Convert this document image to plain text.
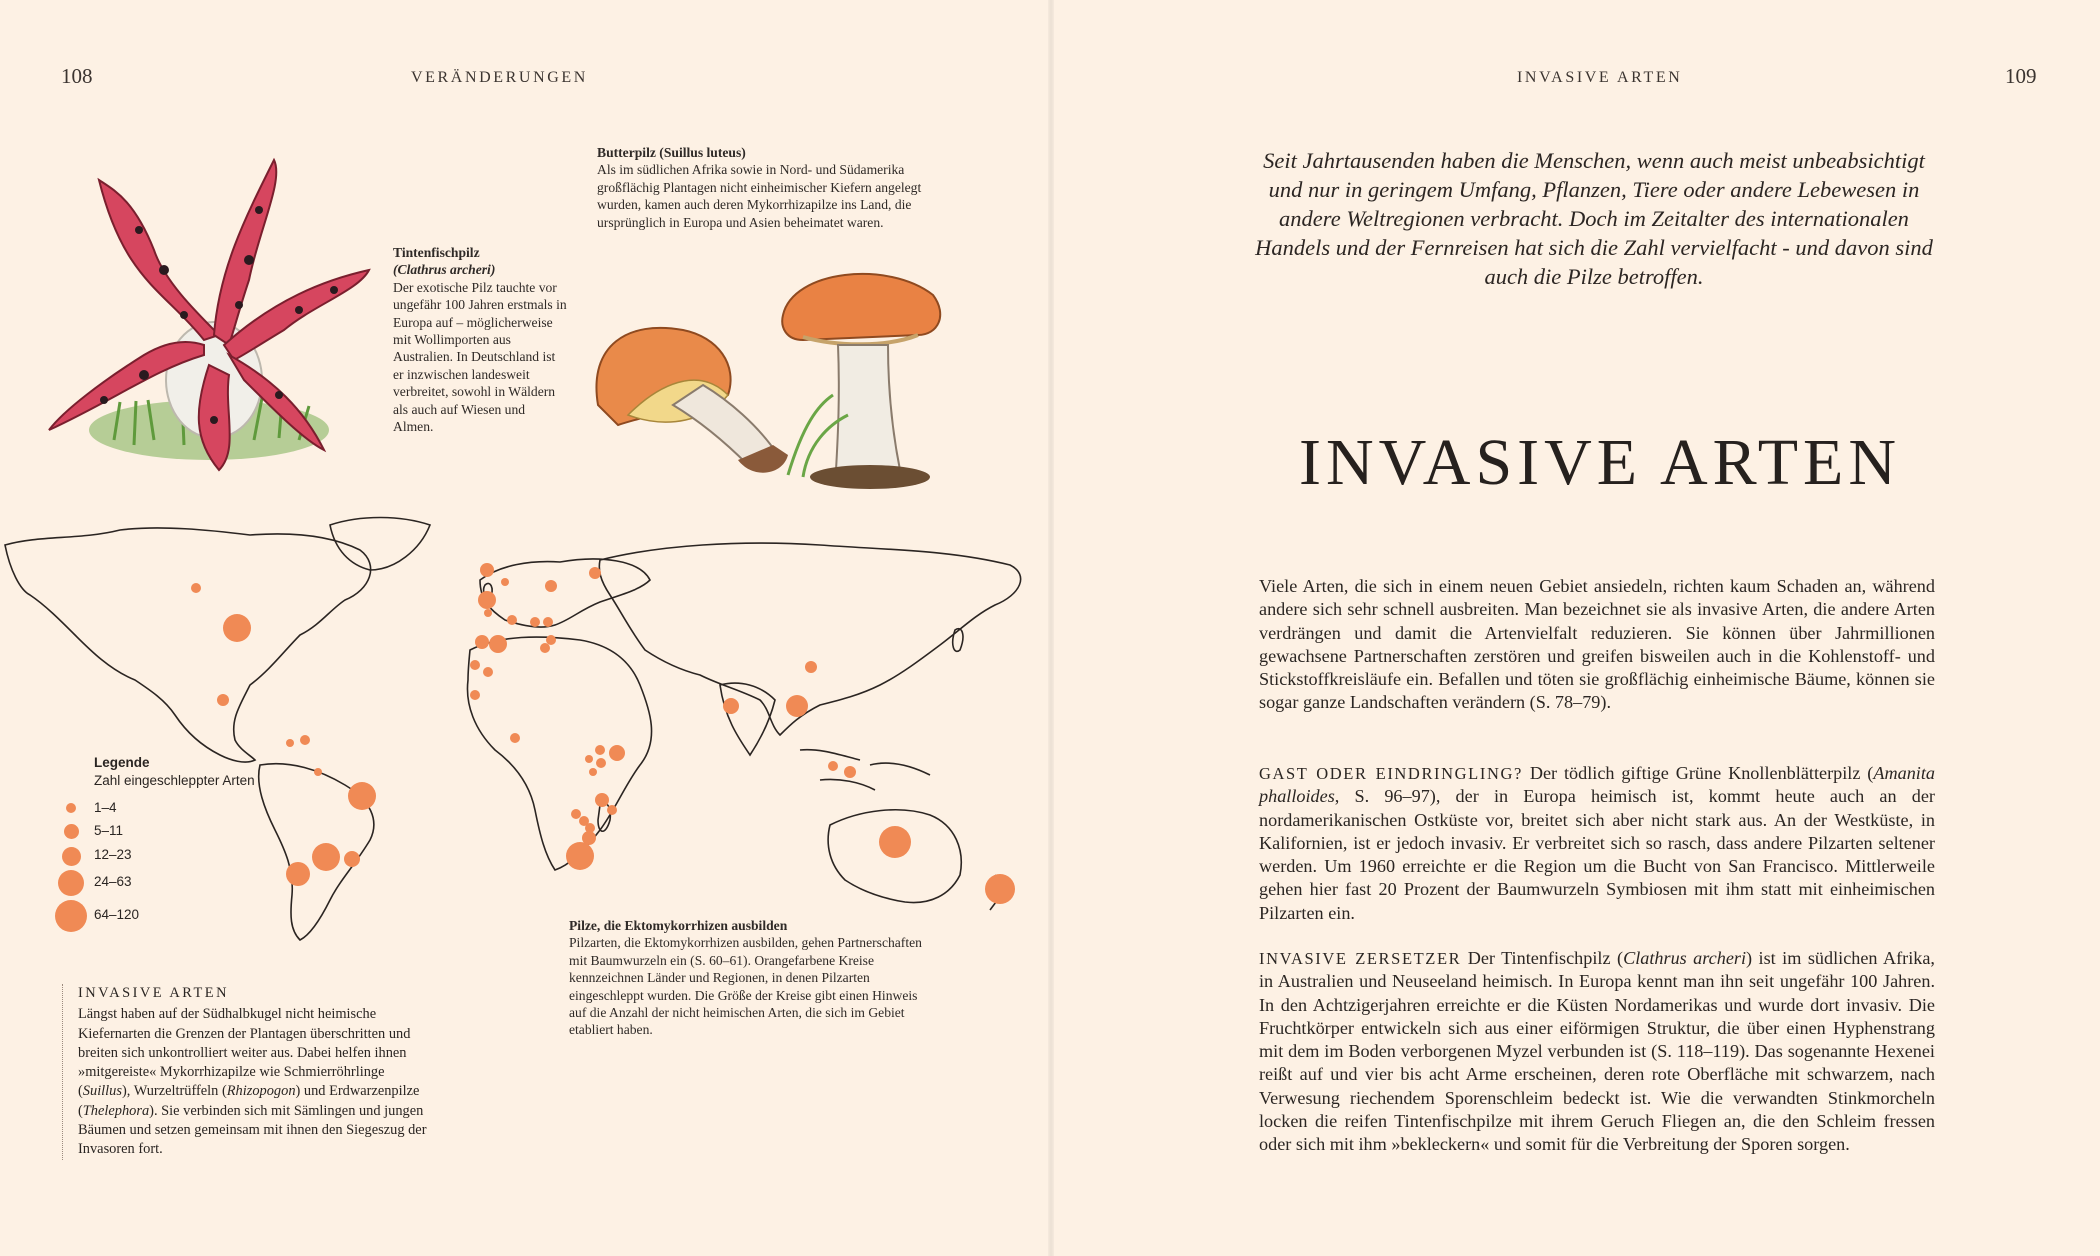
108	VERÄNDERUNGEN	INVASIVE ARTEN	109
Tintenfischpilz
(Clathrus archeri)
Der exotische Pilz tauchte vor ungefähr 100 Jahren erstmals in Europa auf – möglicherweise mit Wollimporten aus Australien. In Deutschland ist er inzwischen landesweit verbreitet, sowohl in Wäldern als auch auf Wiesen und Almen.
Butterpilz (Suillus luteus)
Als im südlichen Afrika sowie in Nord- und Südamerika großflächig Plantagen nicht einheimischer Kiefern angelegt wurden, kamen auch deren Mykorrhizapilze ins Land, die ursprünglich in Europa und Asien beheimatet waren.
Legende
Zahl eingeschleppter Arten
1–4
5–11
12–23
24–63
64–120
Pilze, die Ektomykorrhizen ausbilden
Pilzarten, die Ektomykorrhizen ausbilden, gehen Partnerschaften mit Baumwurzeln ein (S. 60–61). Orangefarbene Kreise kennzeichnen Länder und Regionen, in denen Pilzarten eingeschleppt wurden. Die Größe der Kreise gibt einen Hinweis auf die Anzahl der nicht heimischen Arten, die sich im Gebiet etabliert haben.
INVASIVE ARTEN
Längst haben auf der Südhalbkugel nicht heimische Kiefernarten die Grenzen der Plantagen überschritten und breiten sich unkontrolliert weiter aus. Dabei helfen ihnen »mitgereiste« Mykorrhizapilze wie Schmierröhrlinge (Suillus), Wurzeltrüffeln (Rhizopogon) und Erdwarzenpilze (Thelephora). Sie verbinden sich mit Sämlingen und jungen Bäumen und setzen gemeinsam mit ihnen den Siegeszug der Invasoren fort.
Seit Jahrtausenden haben die Menschen, wenn auch meist unbeabsichtigt und nur in geringem Umfang, Pflanzen, Tiere oder andere Lebewesen in andere Weltregionen verbracht. Doch im Zeitalter des internationalen Handels und der Fernreisen hat sich die Zahl vervielfacht - und davon sind auch die Pilze betroffen.
INVASIVE ARTEN
Viele Arten, die sich in einem neuen Gebiet ansiedeln, richten kaum Schaden an, während andere sich sehr schnell ausbreiten. Man bezeichnet sie als invasive Arten, die andere Arten verdrängen und damit die Artenvielfalt reduzieren. Sie können über Jahrmillionen gewachsene Partnerschaften zerstören und greifen bisweilen auch in die Kohlenstoff- und Stickstoffkreisläufe ein. Befallen und töten sie großflächig einheimische Bäume, können sie sogar ganze Landschaften verändern (S. 78–79).
GAST ODER EINDRINGLING? Der tödlich giftige Grüne Knollenblätterpilz (Amanita phalloides, S. 96–97), der in Europa heimisch ist, kommt heute auch an der nordamerikanischen Ostküste vor, breitet sich aber nicht stark aus. An der Westküste, in Kalifornien, ist er jedoch invasiv. Er verbreitet sich so rasch, dass andere Pilzarten seltener werden. Um 1960 erreichte er die Region um die Bucht von San Francisco. Mittlerweile gehen hier fast 20 Prozent der Baumwurzeln Symbiosen mit ihm statt mit einheimischen Pilzarten ein.
INVASIVE ZERSETZER Der Tintenfischpilz (Clathrus archeri) ist im südlichen Afrika, in Australien und Neuseeland heimisch. In Europa kennt man ihn seit ungefähr 100 Jahren. In den Achtzigerjahren erreichte er die Küsten Nordamerikas und wurde dort invasiv. Die Fruchtkörper entwickeln sich aus einer eiförmigen Struktur, die über einen Hyphenstrang mit dem im Boden verborgenen Myzel verbunden ist (S. 118–119). Das sogenannte Hexenei reißt auf und vier bis acht Arme erscheinen, deren rote Oberfläche mit schwarzem, nach Verwesung riechendem Sporenschleim bedeckt ist. Wie die verwandten Stinkmorcheln locken die reifen Tintenfischpilze mit ihrem Geruch Fliegen an, die den Schleim fressen oder sich mit ihm »bekleckern« und somit für die Verbreitung der Sporen sorgen.
